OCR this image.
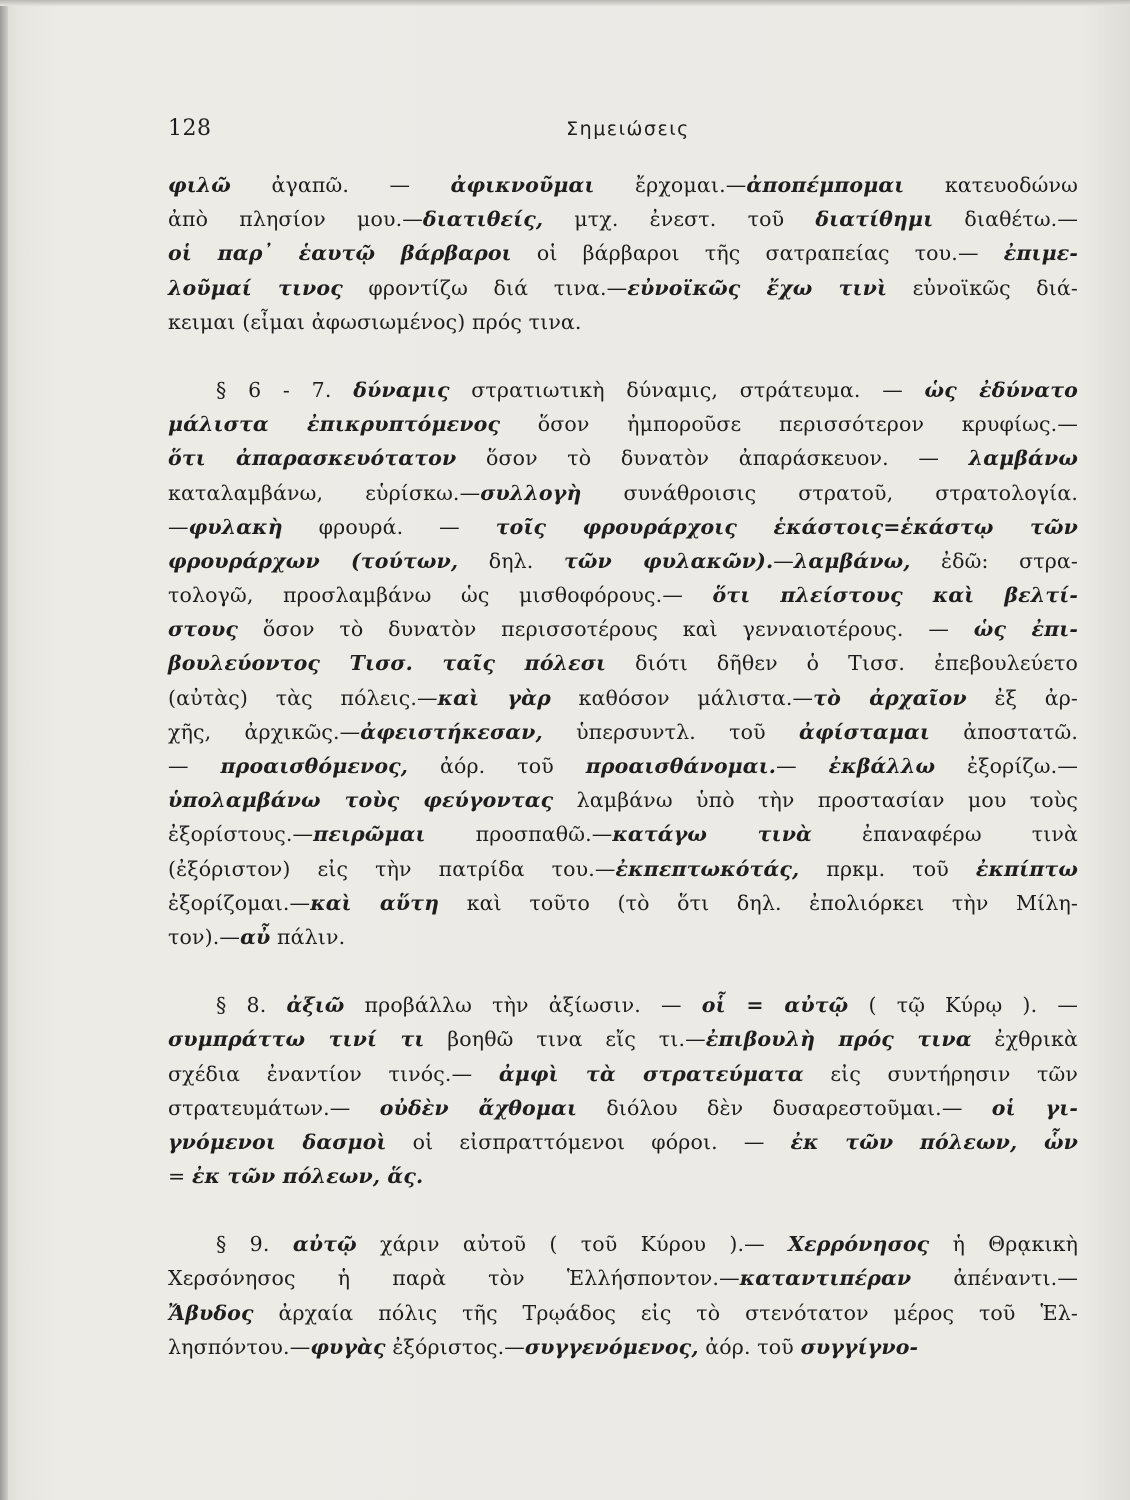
128	Σημειώσεις
φιλῶ ἀγαπῶ. — ἀφικνοῦμαι ἔρχομαι.—ἀποπέμπομαι κατευοδώνω
ἀπὸ πλησίον μου.—διατιθείς, μτχ. ἐνεστ. τοῦ διατίθημι διαθέτω.—
οἱ παρ᾽ ἑαυτῷ βάρβαροι οἱ βάρβαροι τῆς σατραπείας του.— ἐπιμε-
λοῦμαί τινος φροντίζω διά τινα.—εὐνοϊκῶς ἔχω τινὶ εὐνοϊκῶς διά-
κειμαι (εἶμαι ἀφωσιωμένος) πρός τινα.
§ 6 - 7. δύναμις στρατιωτικὴ δύναμις, στράτευμα. — ὡς ἐδύνατο
μάλιστα ἐπικρυπτόμενος ὅσον ἠμποροῦσε περισσότερον κρυφίως.—
ὅτι ἀπαρασκευότατον ὅσον τὸ δυνατὸν ἀπαράσκευον. — λαμβάνω
καταλαμβάνω, εὑρίσκω.—συλλογὴ συνάθροισις στρατοῦ, στρατολογία.
—φυλακὴ φρουρά. — τοῖς φρουράρχοις ἑκάστοις=ἑκάστῳ τῶν
φρουράρχων (τούτων, δηλ. τῶν φυλακῶν).—λαμβάνω, ἐδῶ: στρα-
τολογῶ, προσλαμβάνω ὡς μισθοφόρους.— ὅτι πλείστους καὶ βελτί-
στους ὅσον τὸ δυνατὸν περισσοτέρους καὶ γενναιοτέρους. — ὡς ἐπι-
βουλεύοντος Τισσ. ταῖς πόλεσι διότι δῆθεν ὁ Τισσ. ἐπεβουλεύετο
(αὐτὰς) τὰς πόλεις.—καὶ γὰρ καθόσον μάλιστα.—τὸ ἀρχαῖον ἐξ ἀρ-
χῆς, ἀρχικῶς.—ἀφειστήκεσαν, ὑπερσυντλ. τοῦ ἀφίσταμαι ἀποστατῶ.
— προαισθόμενος, ἀόρ. τοῦ προαισθάνομαι.— ἐκβάλλω ἐξορίζω.—
ὑπολαμβάνω τοὺς φεύγοντας λαμβάνω ὑπὸ τὴν προστασίαν μου τοὺς
ἐξορίστους.—πειρῶμαι προσπαθῶ.—κατάγω τινὰ ἐπαναφέρω τινὰ
(ἐξόριστον) εἰς τὴν πατρίδα του.—ἐκπεπτωκότάς, πρκμ. τοῦ ἐκπίπτω
ἐξορίζομαι.—καὶ αὕτη καὶ τοῦτο (τὸ ὅτι δηλ. ἐπολιόρκει τὴν Μίλη-
τον).—αὖ πάλιν.
§ 8. ἀξιῶ προβάλλω τὴν ἀξίωσιν. — οἷ = αὐτῷ ( τῷ Κύρῳ ). —
συμπράττω τινί τι βοηθῶ τινα εἴς τι.—ἐπιβουλὴ πρός τινα ἐχθρικὰ
σχέδια ἐναντίον τινός.— ἀμφὶ τὰ στρατεύματα εἰς συντήρησιν τῶν
στρατευμάτων.— οὐδὲν ἄχθομαι διόλου δὲν δυσαρεστοῦμαι.— οἱ γι-
γνόμενοι δασμοὶ οἱ εἰσπραττόμενοι φόροι. — ἐκ τῶν πόλεων, ὧν
= ἐκ τῶν πόλεων, ἅς.
§ 9. αὐτῷ χάριν αὐτοῦ ( τοῦ Κύρου ).— Χερρόνησος ἡ Θρᾳκικὴ
Χερσόνησος ἡ παρὰ τὸν Ἑλλήσποντον.—καταντιπέραν ἀπέναντι.—
Ἄβυδος ἀρχαία πόλις τῆς Τρῳάδος εἰς τὸ στενότατον μέρος τοῦ Ἑλ-
λησπόντου.—φυγὰς ἐξόριστος.—συγγενόμενος, ἀόρ. τοῦ συγγίγνο-
